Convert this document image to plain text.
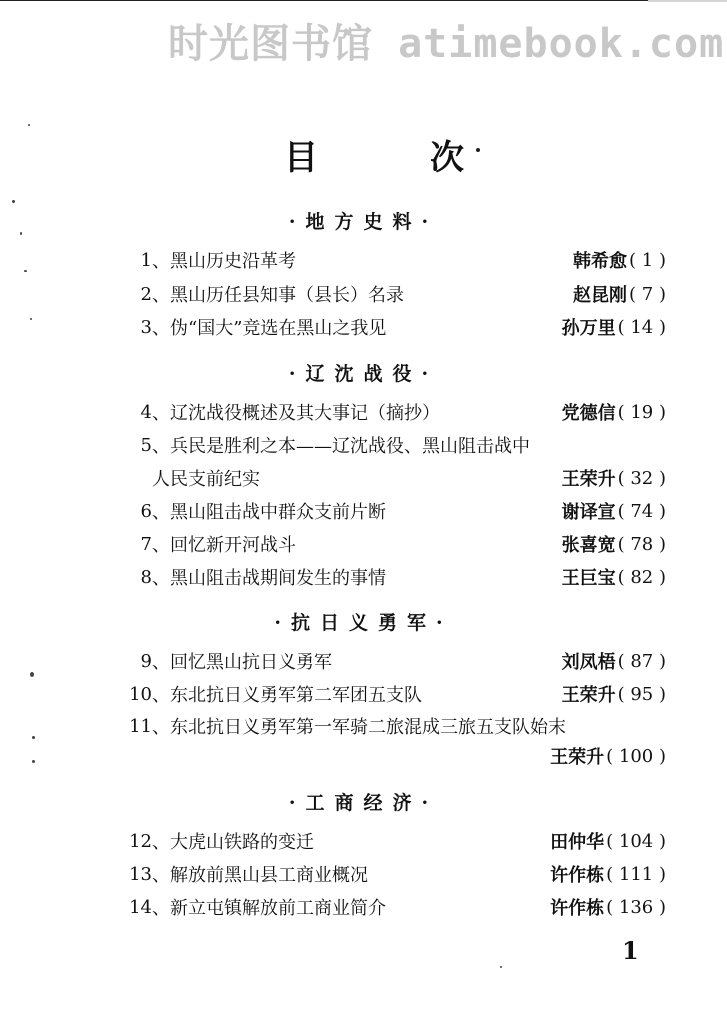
时光图书馆 atimebook.com
目	次
·地方史料·
1 、 黑山历史沿革考	韩希愈 ( 1 )
2 、 黑山历任县知事（县长）名录	赵昆刚 ( 7 )
3 、 伪“国大”竞选在黑山之我见	孙万里 ( 14 )
·辽沈战役·
4 、 辽沈战役概述及其大事记（摘抄）	党德信 ( 19 )
5 、 兵民是胜利之本——辽沈战役、黑山阻击战中
人民支前纪实	王荣升 ( 32 )
6 、 黑山阻击战中群众支前片断	谢译宣 ( 74 )
7 、 回忆新开河战斗	张喜宽 ( 78 )
8 、 黑山阻击战期间发生的事情	王巨宝 ( 82 )
·抗日义勇军·
9 、 回忆黑山抗日义勇军	刘凤梧 ( 87 )
10 、 东北抗日义勇军第二军团五支队	王荣升 ( 95 )
11 、 东北抗日义勇军第一军骑二旅混成三旅五支队始末
王荣升 ( 100 )
·工商经济·
12 、 大虎山铁路的变迁	田仲华 ( 104 )
13 、 解放前黑山县工商业概况	许作栋 ( 111 )
14 、 新立屯镇解放前工商业简介	许作栋 ( 136 )
1
